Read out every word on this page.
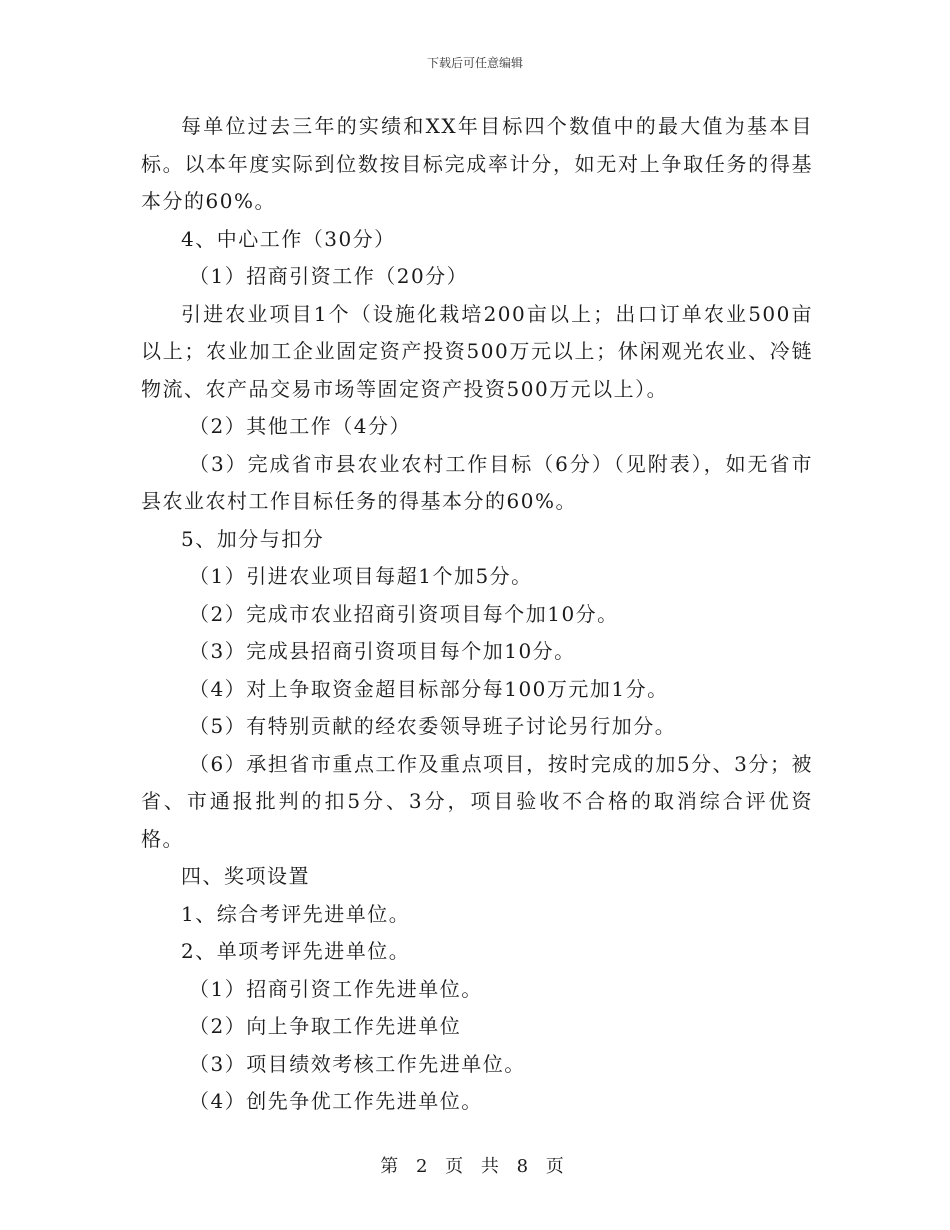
下载后可任意编辑

每单位过去三年的实绩和XX年目标四个数值中的最大值为基本目标。以本年度实际到位数按目标完成率计分，如无对上争取任务的得基本分的60%。

4、中心工作（30分）

（1）招商引资工作（20分）

引进农业项目1个（设施化栽培200亩以上；出口订单农业500亩以上；农业加工企业固定资产投资500万元以上；休闲观光农业、冷链物流、农产品交易市场等固定资产投资500万元以上）。

（2）其他工作（4分）

（3）完成省市县农业农村工作目标（6分）（见附表），如无省市县农业农村工作目标任务的得基本分的60%。

5、加分与扣分

（1）引进农业项目每超1个加5分。

（2）完成市农业招商引资项目每个加10分。

（3）完成县招商引资项目每个加10分。

（4）对上争取资金超目标部分每100万元加1分。

（5）有特别贡献的经农委领导班子讨论另行加分。

（6）承担省市重点工作及重点项目，按时完成的加5分、3分；被省、市通报批判的扣5分、3分，项目验收不合格的取消综合评优资格。

四、奖项设置

1、综合考评先进单位。

2、单项考评先进单位。

（1）招商引资工作先进单位。

（2）向上争取工作先进单位

（3）项目绩效考核工作先进单位。

（4）创先争优工作先进单位。

第 2 页 共 8 页
